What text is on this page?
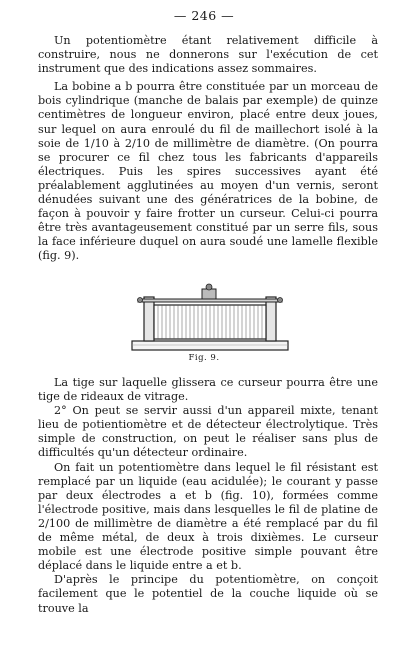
— 246 —

Un potentiomètre étant relativement difficile à construire, nous ne donnerons sur l'exécution de cet instrument que des indications assez sommaires.

La bobine a b pourra être constituée par un morceau de bois cylindrique (manche de balais par exemple) de quinze centimètres de longueur environ, placé entre deux joues, sur lequel on aura enroulé du fil de maillechort isolé à la soie de 1/10 à 2/10 de millimètre de diamètre. (On pourra se procurer ce fil chez tous les fabricants d'appareils électriques. Puis les spires successives ayant été préalablement agglutinées au moyen d'un vernis, seront dénudées suivant une des génératrices de la bobine, de façon à pouvoir y faire frotter un curseur. Celui-ci pourra être très avantageusement constitué par un serre fils, sous la face inférieure duquel on aura soudé une lamelle flexible (fig. 9).

Fig. 9.

La tige sur laquelle glissera ce curseur pourra être une tige de rideaux de vitrage.

2° On peut se servir aussi d'un appareil mixte, tenant lieu de potientiomètre et de détecteur électrolytique. Très simple de construction, on peut le réaliser sans plus de difficultés qu'un détecteur ordinaire.

On fait un potentiomètre dans lequel le fil résistant est remplacé par un liquide (eau acidulée); le courant y passe par deux électrodes a et b (fig. 10), formées comme l'électrode positive, mais dans lesquelles le fil de platine de 2/100 de millimètre de diamètre a été remplacé par du fil de même métal, de deux à trois dixièmes. Le curseur mobile est une électrode positive simple pouvant être déplacé dans le liquide entre a et b.

D'après le principe du potentiomètre, on conçoit facilement que le potentiel de la couche liquide où se trouve la
